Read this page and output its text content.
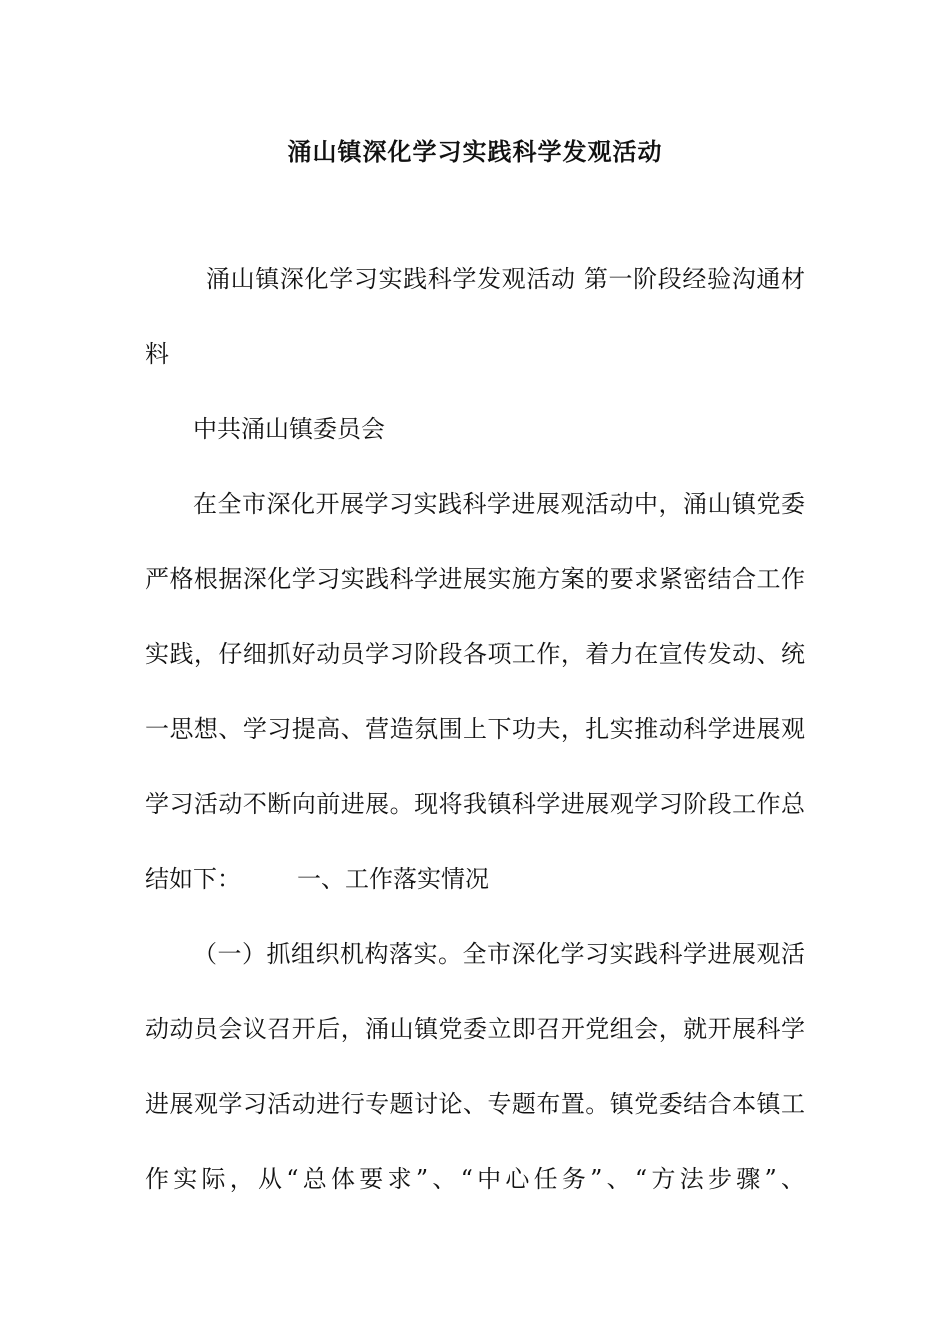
涌山镇深化学习实践科学发观活动
涌山镇深化学习实践科学发观活动 第一阶段经验沟通材
料
中共涌山镇委员会
在全市深化开展学习实践科学进展观活动中，涌山镇党委
严格根据深化学习实践科学进展实施方案的要求紧密结合工作
实践，仔细抓好动员学习阶段各项工作，着力在宣传发动、统
一思想、学习提高、营造氛围上下功夫，扎实推动科学进展观
学习活动不断向前进展。现将我镇科学进展观学习阶段工作总
结如下： 一、工作落实情况
（一）抓组织机构落实。全市深化学习实践科学进展观活
动动员会议召开后，涌山镇党委立即召开党组会，就开展科学
进展观学习活动进行专题讨论、专题布置。镇党委结合本镇工
作实际，从“总体要求”、“中心任务”、“方法步骤”、
